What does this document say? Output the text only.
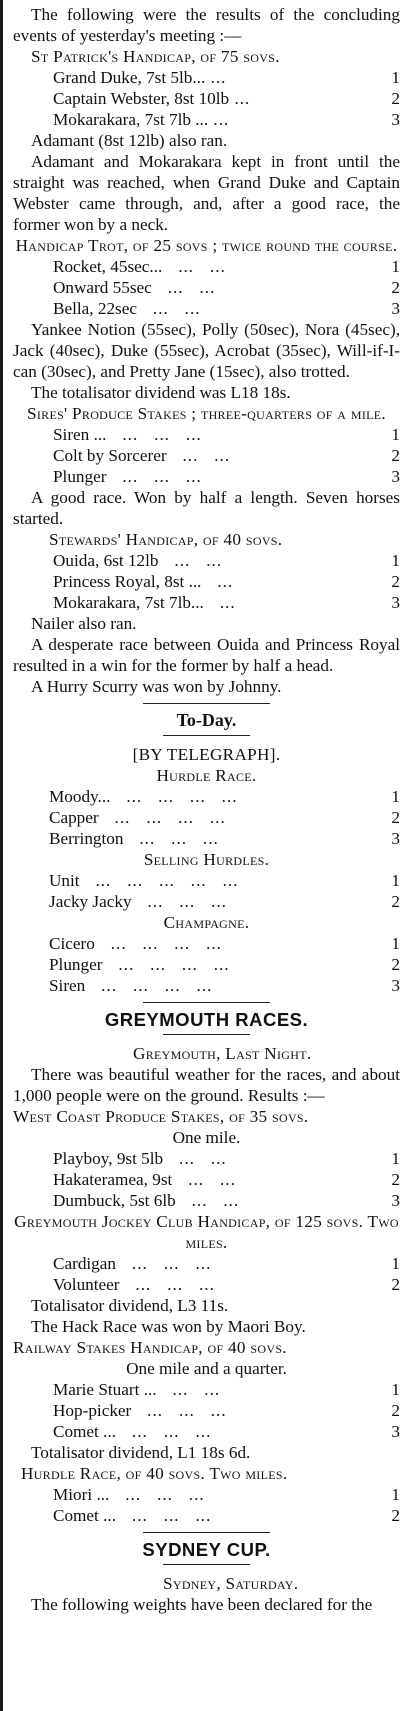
The following were the results of the concluding events of yesterday's meeting :—

St Patrick's Handicap, of 75 sovs.

Grand Duke, 7st 5lb... ...	1
Captain Webster, 8st 10lb ...	2
Mokarakara, 7st 7lb ... ...	3

Adamant (8st 12lb) also ran.

Adamant and Mokarakara kept in front until the straight was reached, when Grand Duke and Captain Webster came through, and, after a good race, the former won by a neck.

Handicap Trot, of 25 sovs ; twice round the course.

Rocket, 45sec... ...   ...	1
Onward 55sec ...   ...	2
Bella, 22sec ...   ...	3

Yankee Notion (55sec), Polly (50sec), Nora (45sec), Jack (40sec), Duke (55sec), Acrobat (35sec), Will-if-I-can (30sec), and Pretty Jane (15sec), also trotted.

The totalisator dividend was L18 18s.

Sires' Produce Stakes ; three-quarters of a mile.

Siren ... ...   ...   ...	1
Colt by Sorcerer ...   ...	2
Plunger ...   ...   ...	3

A good race. Won by half a length. Seven horses started.

Stewards' Handicap, of 40 sovs.

Ouida, 6st 12lb ...   ...	1
Princess Royal, 8st ... ...	2
Mokarakara, 7st 7lb... ...	3

Nailer also ran.

A desperate race between Ouida and Princess Royal resulted in a win for the former by half a head.

A Hurry Scurry was won by Johnny.

To-Day.

[BY TELEGRAPH].

Hurdle Race.

Moody... ...   ...   ...   ...	1
Capper ...   ...   ...   ...	2
Berrington ...   ...   ...	3

Selling Hurdles.

Unit ...   ...   ...   ...   ...	1
Jacky Jacky ...   ...   ...	2

Champagne.

Cicero ...   ...   ...   ...	1
Plunger ...   ...   ...   ...	2
Siren ...   ...   ...   ...	3
GREYMOUTH RACES.

Greymouth, Last Night.

There was beautiful weather for the races, and about 1,000 people were on the ground. Results :—

West Coast Produce Stakes, of 35 sovs.

One mile.

Playboy, 9st 5lb ...   ...	1
Hakateramea, 9st ...   ...	2
Dumbuck, 5st 6lb ...   ...	3

Greymouth Jockey Club Handicap, of 125 sovs. Two miles.

Cardigan ...   ...   ...	1
Volunteer ...   ...   ...	2

Totalisator dividend, L3 11s.

The Hack Race was won by Maori Boy.

Railway Stakes Handicap, of 40 sovs.

One mile and a quarter.

Marie Stuart ... ...   ...	1
Hop-picker ...   ...   ...	2
Comet ... ...   ...   ...	3

Totalisator dividend, L1 18s 6d.

Hurdle Race, of 40 sovs. Two miles.

Miori ... ...   ...   ...	1
Comet ... ...   ...   ...	2
SYDNEY CUP.

Sydney, Saturday.

The following weights have been declared for the
